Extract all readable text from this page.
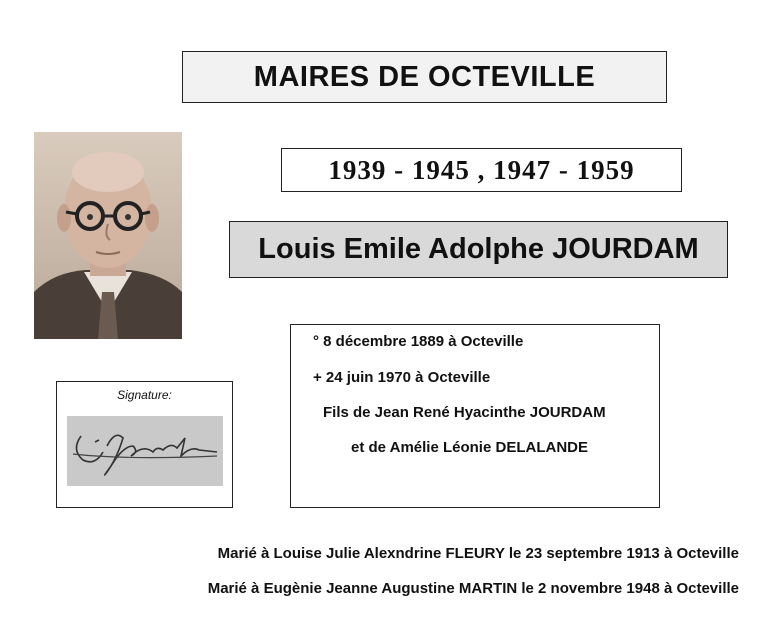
MAIRES DE OCTEVILLE
1939 - 1945 , 1947 - 1959
Louis Emile Adolphe JOURDAM
° 8 décembre 1889 à Octeville
+ 24 juin 1970 à Octeville
Fils de Jean René Hyacinthe JOURDAM
et de Amélie Léonie DELALANDE
Signature:
Marié à Louise Julie Alexndrine FLEURY le 23 septembre 1913 à Octeville
Marié à Eugènie Jeanne Augustine MARTIN le 2 novembre 1948 à Octeville
